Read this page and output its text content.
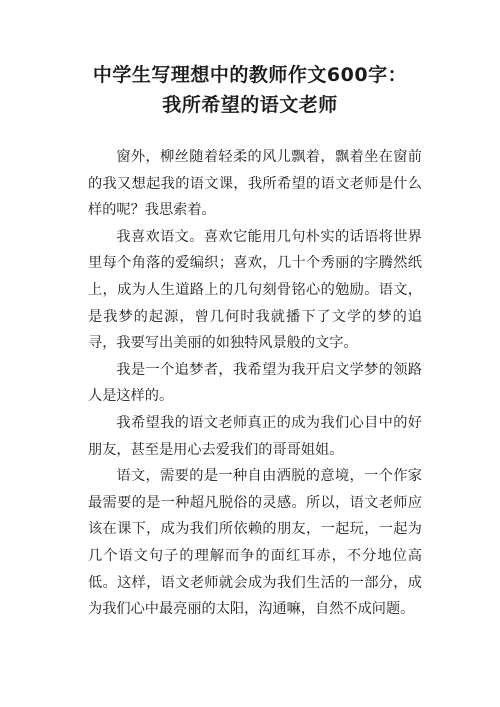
中学生写理想中的教师作文600字：
我所希望的语文老师

窗外，柳丝随着轻柔的风儿飘着，飘着坐在窗前的我又想起我的语文课，我所希望的语文老师是什么样的呢？我思索着。

我喜欢语文。喜欢它能用几句朴实的话语将世界里每个角落的爱编织；喜欢，几十个秀丽的字腾然纸上，成为人生道路上的几句刻骨铭心的勉励。语文，是我梦的起源，曾几何时我就播下了文学的梦的追寻，我要写出美丽的如独特风景般的文字。

我是一个追梦者，我希望为我开启文学梦的领路人是这样的。

我希望我的语文老师真正的成为我们心目中的好朋友，甚至是用心去爱我们的哥哥姐姐。

语文，需要的是一种自由洒脱的意境，一个作家最需要的是一种超凡脱俗的灵感。所以，语文老师应该在课下，成为我们所依赖的朋友，一起玩，一起为几个语文句子的理解而争的面红耳赤，不分地位高低。这样，语文老师就会成为我们生活的一部分，成为我们心中最亮丽的太阳，沟通嘛，自然不成问题。
